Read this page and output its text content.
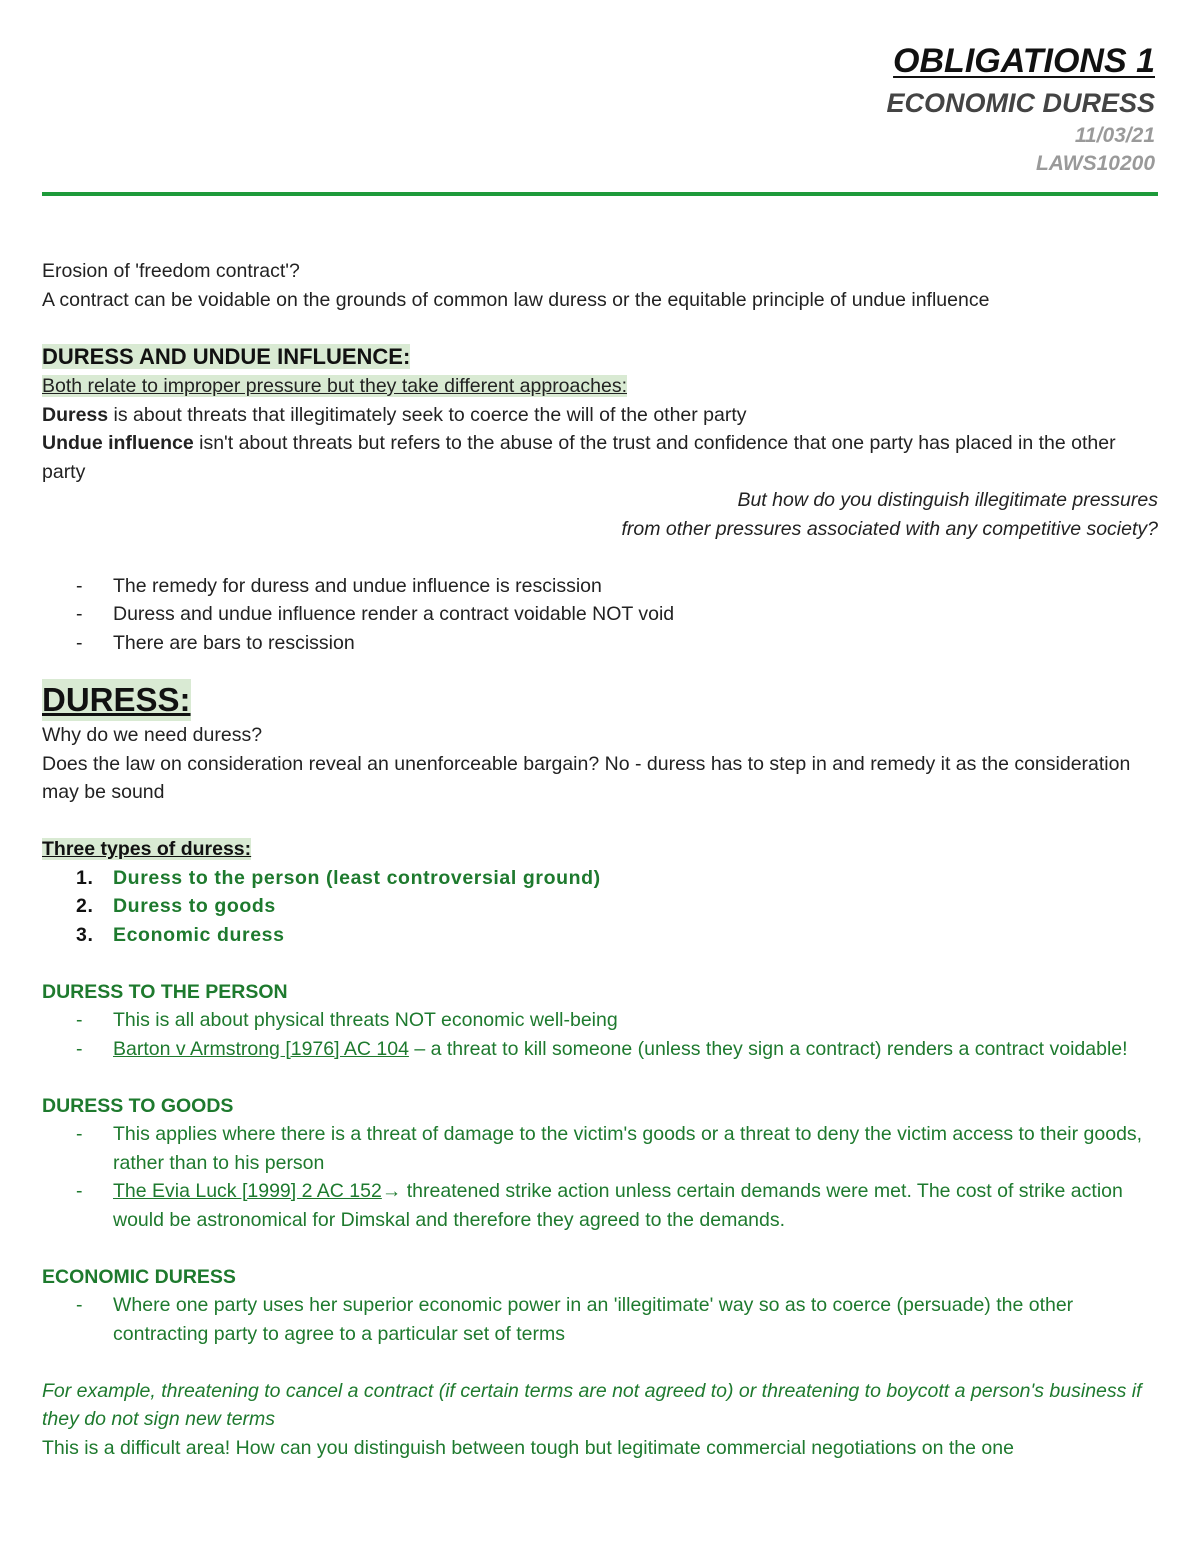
OBLIGATIONS 1
ECONOMIC DURESS
11/03/21
LAWS10200

Erosion of 'freedom contract'?

A contract can be voidable on the grounds of common law duress or the equitable principle of undue influence

DURESS AND UNDUE INFLUENCE:

Both relate to improper pressure but they take different approaches:

Duress is about threats that illegitimately seek to coerce the will of the other party

Undue influence isn't about threats but refers to the abuse of the trust and confidence that one party has placed in the other party

But how do you distinguish illegitimate pressures

from other pressures associated with any competitive society?

- The remedy for duress and undue influence is rescission
- Duress and undue influence render a contract voidable NOT void
- There are bars to rescission

DURESS:

Why do we need duress?

Does the law on consideration reveal an unenforceable bargain? No - duress has to step in and remedy it as the consideration may be sound

Three types of duress:

1. Duress to the person (least controversial ground)
2. Duress to goods
3. Economic duress

DURESS TO THE PERSON

- This is all about physical threats NOT economic well-being
- Barton v Armstrong [1976] AC 104 – a threat to kill someone (unless they sign a contract) renders a contract voidable!

DURESS TO GOODS

- This applies where there is a threat of damage to the victim's goods or a threat to deny the victim access to their goods, rather than to his person
- The Evia Luck [1999] 2 AC 152→ threatened strike action unless certain demands were met. The cost of strike action would be astronomical for Dimskal and therefore they agreed to the demands.

ECONOMIC DURESS

- Where one party uses her superior economic power in an 'illegitimate' way so as to coerce (persuade) the other contracting party to agree to a particular set of terms

For example, threatening to cancel a contract (if certain terms are not agreed to) or threatening to boycott a person's business if they do not sign new terms

This is a difficult area! How can you distinguish between tough but legitimate commercial negotiations on the one
